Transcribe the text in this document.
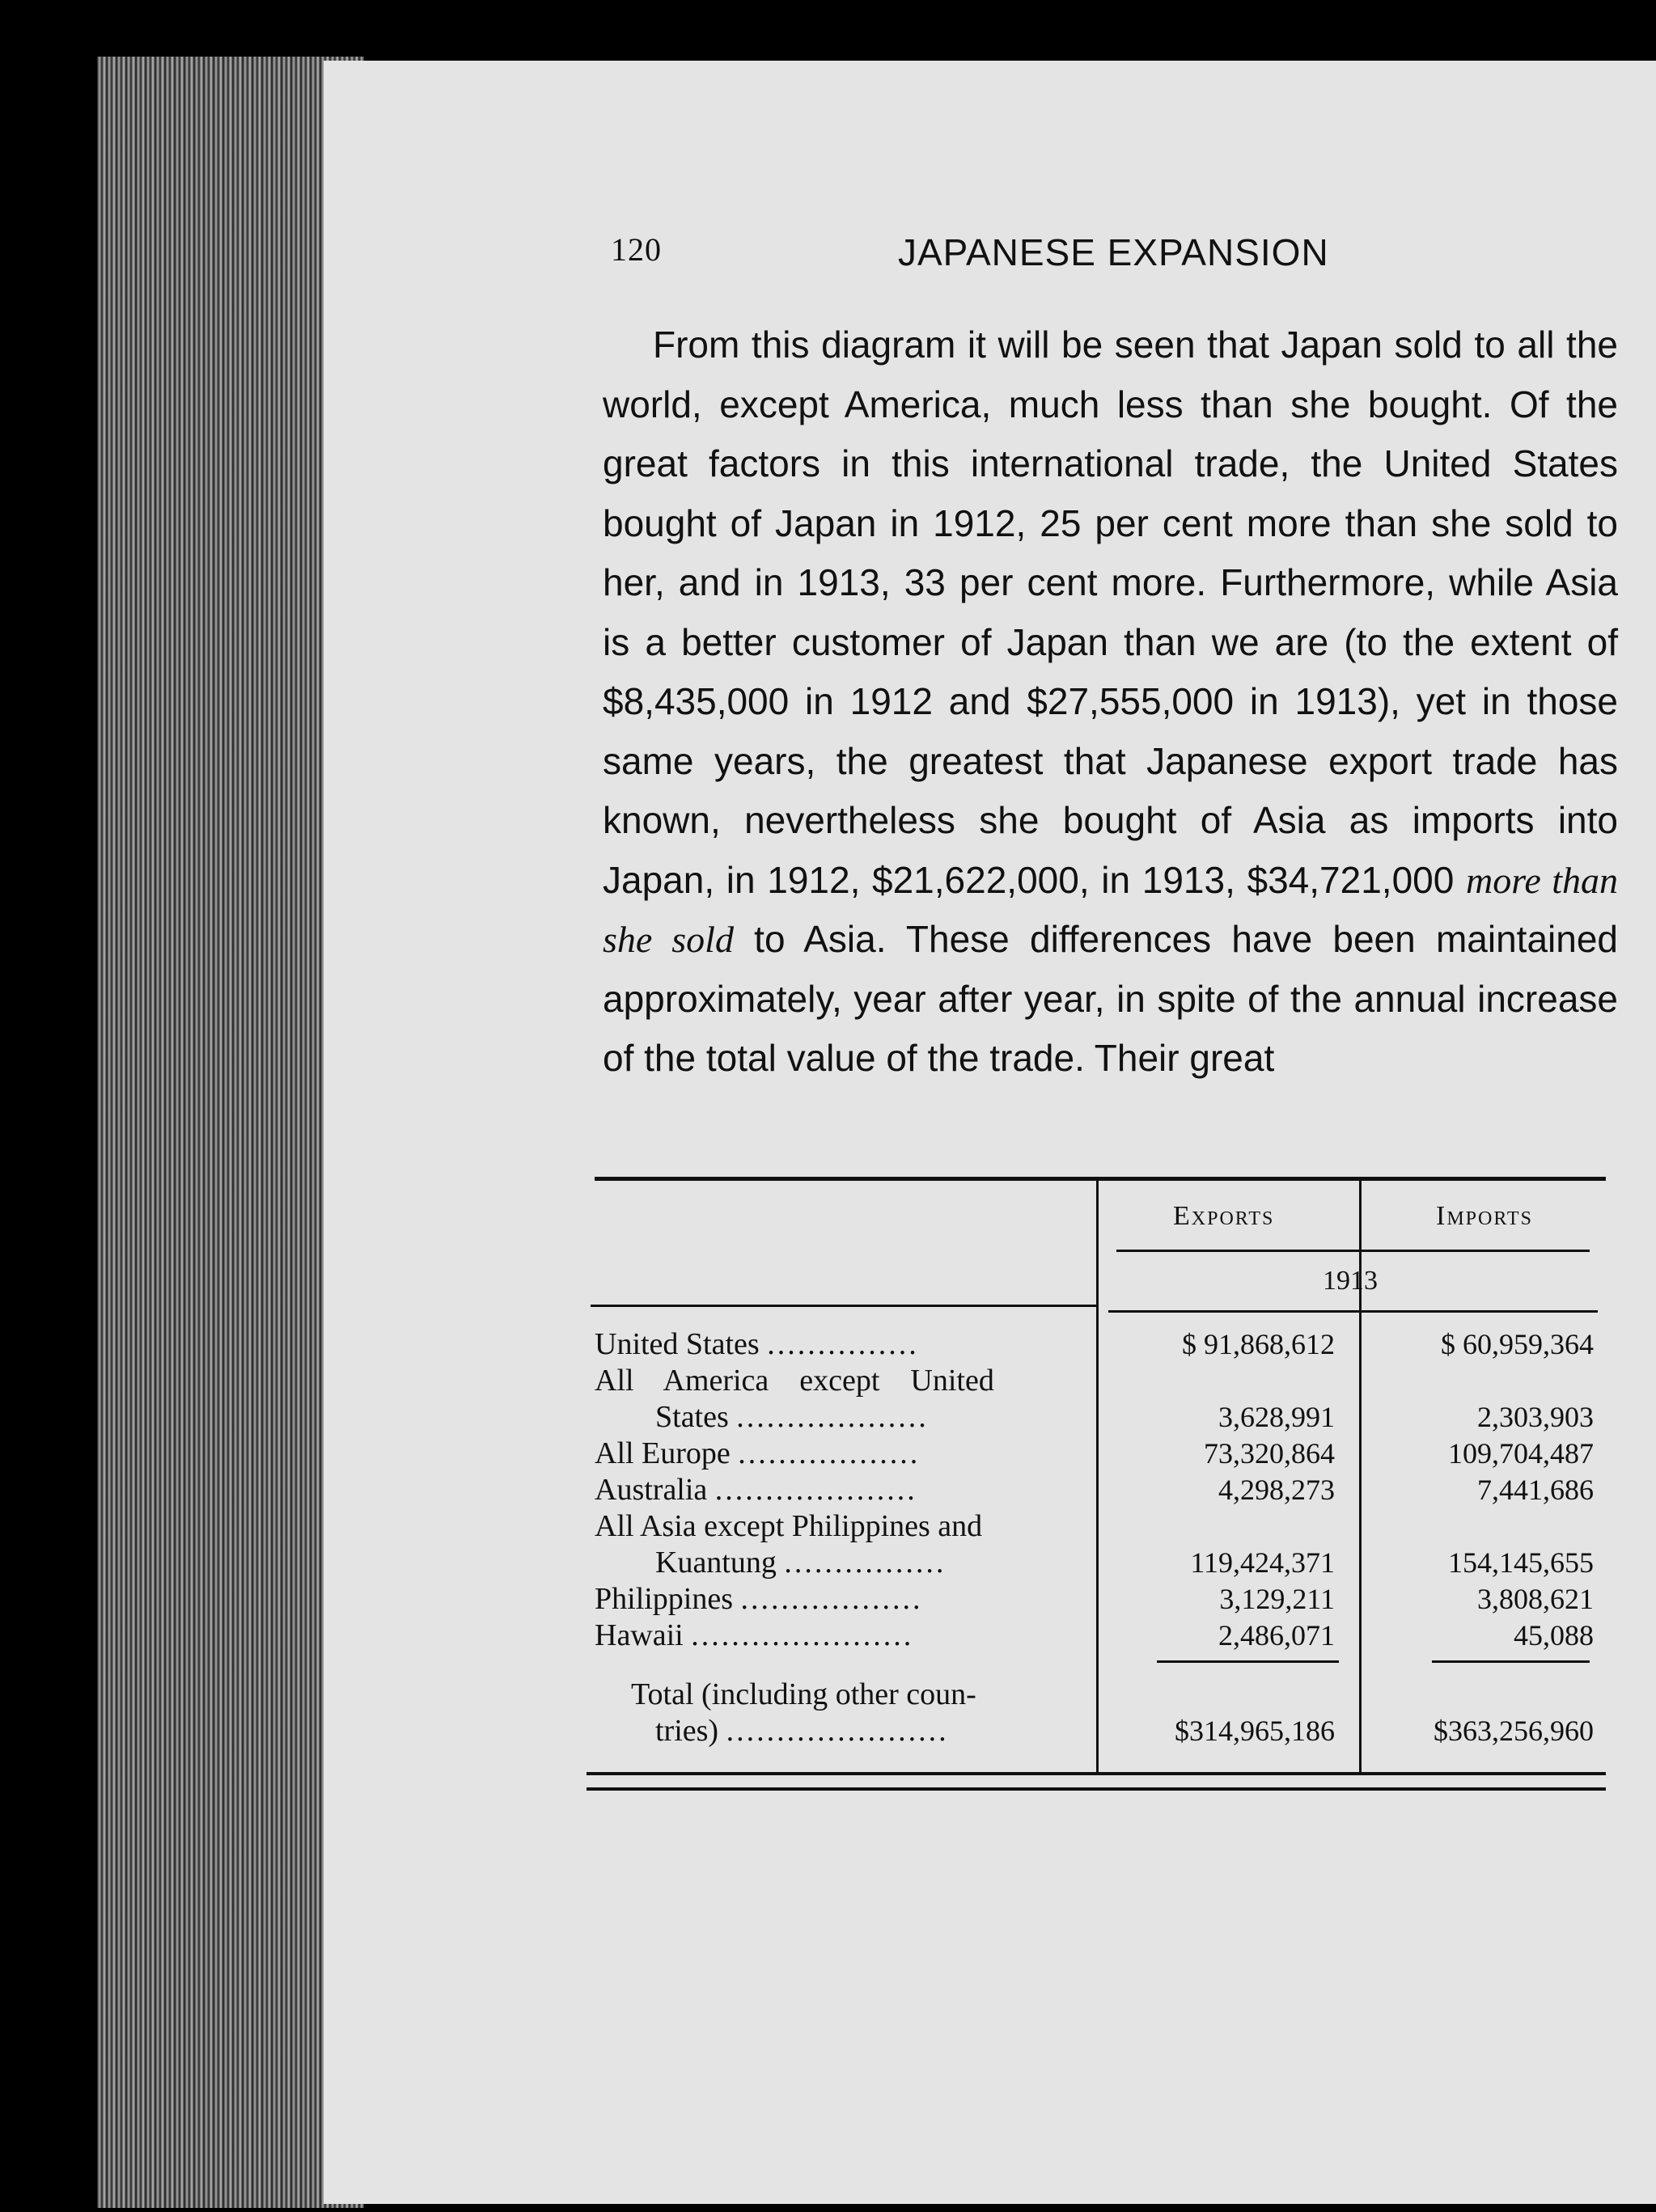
120	JAPANESE EXPANSION

From this diagram it will be seen that Japan sold to all the world, except America, much less than she bought. Of the great factors in this international trade, the United States bought of Japan in 1912, 25 per cent more than she sold to her, and in 1913, 33 per cent more. Furthermore, while Asia is a better customer of Japan than we are (to the extent of $8,435,000 in 1912 and $27,555,000 in 1913), yet in those same years, the greatest that Japanese export trade has known, nevertheless she bought of Asia as imports into Japan, in 1912, $21,622,000, in 1913, $34,721,000 more than she sold to Asia. These differences have been maintained approximately, year after year, in spite of the annual increase of the total value of the trade. Their great

Exports	Imports
1913
United States ...............	$ 91,868,612	$ 60,959,364
All    America    except    United
States ...................	3,628,991	2,303,903
All Europe ..................	73,320,864	109,704,487
Australia ....................	4,298,273	7,441,686
All Asia except Philippines and
Kuantung ................	119,424,371	154,145,655
Philippines ..................	3,129,211	3,808,621
Hawaii ......................	2,486,071	45,088
Total (including other coun-
tries) ......................	$314,965,186	$363,256,960
